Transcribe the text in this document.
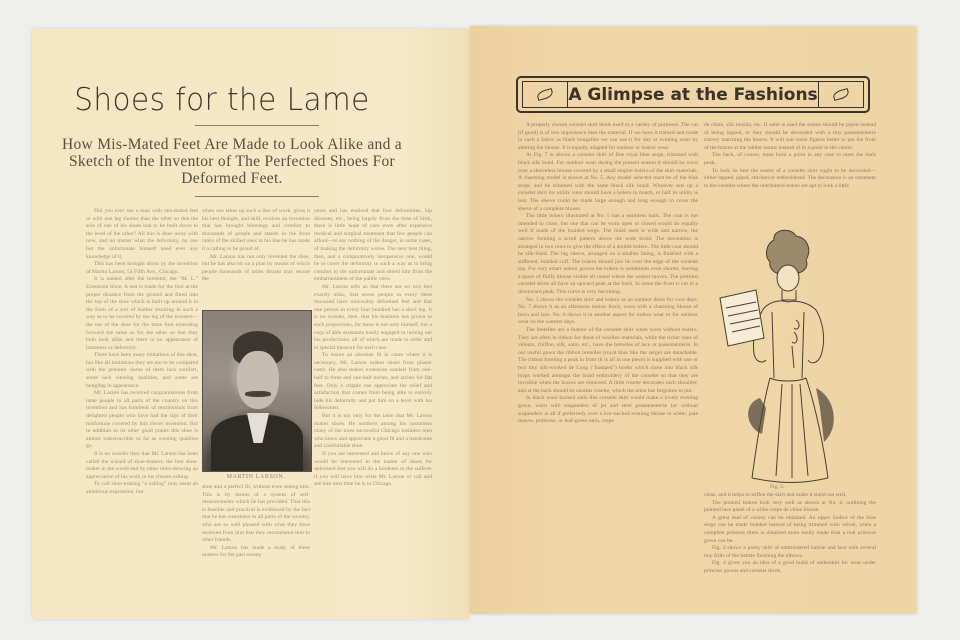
Shoes for the Lame
How Mis-Mated Feet Are Made to Look Alike and a Sketch of the Inventor of The Perfected Shoes For Deformed Feet.

Did you ever see a man with mis-mated feet or with one leg shorter than the other so that the sole of one of his shoes had to be built down to the level of the other? All this is done away with now, and no matter what the deformity, no one but the unfortunate himself need ever any knowledge of it.

This has been brought about by the invention of Martin Larson, 54 Fifth Ave., Chicago.

It is named after the inventor, the "M. L." Extension Shoe. A rest is made for the foot at the proper distance from the ground and fitted into the top of the shoe which is built up around it in the form of a sort of leather stocking in such a way as to be covered by the leg of the trousers—the toe of the shoe for the lame foot extending forward the same as for the other so that they both look alike and there is no appearance of lameness or deformity.

There have been many imitations of this shoe, but like all imitations they are not to be compared with the genuine. Some of them lack comfort, some lack wearing qualities, and some are bungling in appearance.

Mr. Larson has received congratulations from lame people in all parts of the country on this invention and has hundreds of testimonials from delighted people who have had the sign of their misfortune covered by this clever invention. But in addition to its other good points this shoe is almost indestructible as far as wearing qualities go.

It is no wonder then that Mr. Larson has been called the wizard of shoe-makers, the best shoe-maker in the world and by other titles showing an appreciation of his work in his chosen calling.

To call shoe-making "a calling" may seem an ambitious expression, but

when one takes up such a line of work, gives it his best thought, and skill, evolves an invention that has brought blessings and comfort to thousands of people and stands in the front ranks of the skilled ones in his line he has made it a calling to be proud of.

Mr. Larson has not only invented the shoe, but he has also hit on a plan by means of which people thousands of miles distant may secure the

MARTIN LARSON.

shoe and a perfect fit, without even seeing him. This is by means of a system of self-measurements which he has provided. That this is feasible and practical is evidenced by the fact that he has customers in all parts of the country, who are so well pleased with what they have received from him that they recommend him to other friends.

Mr. Larson has made a study of these matters for the past twenty

years and has realized that foot deformities, hip diseases, etc., being largely from the time of birth, there is little hope of cure even after expensive medical and surgical treatment that few people can afford—to say nothing of the danger, in some cases, of making the deformity worse. The next best thing, then, and a comparatively inexpensive one, would be to cover the deformity in such a way as to bring comfort to the unfortunate and shield him from the embarrassment of the public view.

Mr. Larson tells us that there are no two feet exactly alike, that seven people in every three thousand have noticeably deformed feet and that one person in every four hundred has a short leg. It is no wonder, then, that his business has grown to such proportions, for there is not only himself, but a corp of able assistants busily engaged in turning out his productions, all of which are made to order and to special measure for each case.

To insure an absolute fit in cases where it is necessary, Mr. Larson makes shoes from plaster casts. He also makes extension sandals from one-half to three and one-half inches, and arches for flat feet. Only a cripple can appreciate the relief and satisfaction that comes from being able to entirely hide his deformity and put him on a level with his fellowmen.

But it is not only for the lame that Mr. Larson makes shoes. He numbers among his customers many of the most successful Chicago business men who know and appreciate a good fit and a handsome and comfortable shoe.

If you are interested and know of any one who would be interested in the matter of shoes for deformed feet you will do a kindness to the sufferer if you will have him write Mr. Larson or call and see him next time he is in Chicago.

A Glimpse at the Fashions

A properly chosen corselet skirt lends itself to a variety of purposes. The cut (if good) is of less importance than the material. If we have it trained and made in such a fabric as black bengaline we can use it for day or evening wear by altering the blouse. It is equally adapted for outdoor or indoor wear.

At Fig. 7 is shown a corselet skirt of fine royal blue serge, trimmed with black silk braid. For outdoor wear during the present season it should be worn over a sleeveless blouse covered by a small empire bolero of the skirt materials. A charming model is shown at No. 5. Any model selected must be of the blue serge, and be trimmed with the same black silk braid. Whoever sets up a corselet skirt for utility wear should have a bolero to match, or half its utility is lost. The sleeve could be made large enough and long enough to cover the sleeve of a complete blouse.

The little bolero illustrated at No. 5 has a seamless back. The coat is not intended to close, but one that can be worn open or closed would do equally well if made of the braided serge. The braid used is wide and narrow, the narrow forming a scroll pattern above the wide braid. The decoration is arranged in two rows to give the effect of a double bolero. The little coat should be silk-lined. The big sleeve, arranged on a smaller lining, is finished with a stiffened, braided cuff. The bolero should just lie over the edge of the corselet top. For very smart indoor gowns the bolero is sometimes even shorter, leaving a space of fluffy blouse visible all round where the wearer moves. The prettiest corselet skirts all have an upward peak at the back. In some the front is cut in a downward peak. This curve is very becoming.

No. 5 shows the corselet skirt and bolero as an outdoor dress for cool days. No. 7 shows it as an afternoon indoor frock, worn with a charming blouse of lawn and lace. No. 6 shows it in another aspect for indoor wear or for outdoor wear on the warmer days.

The bretelles are a feature of the corselet skirt when worn without bolero. They are often in ribbon for those of woollen materials, while the richer ones of velours, chiffon, silk, satin, etc., have the bretelles of lace or passementerie. In our useful gown the ribbon bretelles (royal blue like the serge) are detachable. The ribbon forming a peak in front (it is all in one piece) is supplied with one or two tiny silk-worked de Long ("humped") hooks which close into black silk loops worked amongst the braid embroidery of the corselet so that they are invisible when the braces are removed. A little rosette decorates each shoulder, and at the back should be another rosette, which the artist has forgotten to put.

In black wool-backed satin this corselet skirt would make a lovely evening gown, worn with suspenders of jet and steel passementerie (or without suspenders at all if preferred), over a low-necked evening blouse in white, pale mauve, primrose, or leaf-green satin, crepe

de chine, silk muslin, etc. If satin is used the seams should be piped instead of being lapped, or they should be decorated with a tiny passementerie tracery matching the braces. It will suit some figures better to put the front of the braces at the tablier seams instead of in a point in the centre.

The back, of course, must form a point in any case to meet the back peak.

To look its best the seams of a corselet skirt ought to be decorated—either lapped, piped, stitched or embroidered. The decoration is an ornament to the corselet where the untrimmed seams are apt to look a little

Fig. 2.

close, and it helps to stiffen the skirt and make it stand out well.

The pointed braces look very well as shown at No. 6, outlining the pointed lace panel of a white crepe de chine blouse.

A great deal of variety can be obtained. An upper bodice of the blue serge can be made braided instead of being trimmed with velvet, when a complete princess dress is obtained more easily made than a real princess gown can be.

Fig. 3 shows a pretty skirt of embroidered batiste and lace with several tiny frills of the batiste finishing the elbows.

Fig. 4 gives you an idea of a good build of underskirt for wear under princess gowns and corselet skirts.
